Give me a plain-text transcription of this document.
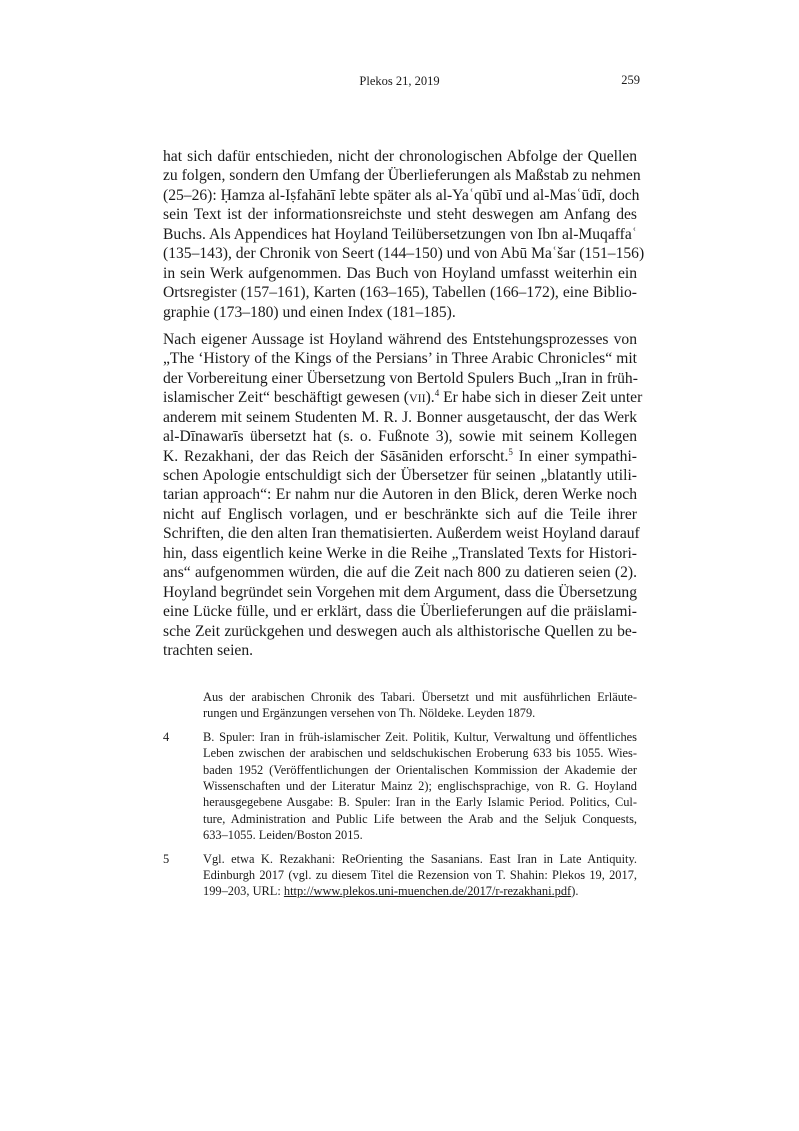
Plekos 21, 2019	259
hat sich dafür entschieden, nicht der chronologischen Abfolge der Quellen
zu folgen, sondern den Umfang der Überlieferungen als Maßstab zu nehmen
(25–26): Ḥamza al-Iṣfahānī lebte später als al-Yaʿqūbī und al-Masʿūdī, doch
sein Text ist der informationsreichste und steht deswegen am Anfang des
Buchs. Als Appendices hat Hoyland Teilübersetzungen von Ibn al-Muqaffaʿ
(135–143), der Chronik von Seert (144–150) und von Abū Maʿšar (151–156)
in sein Werk aufgenommen. Das Buch von Hoyland umfasst weiterhin ein
Ortsregister (157–161), Karten (163–165), Tabellen (166–172), eine Biblio-
graphie (173–180) und einen Index (181–185).
Nach eigener Aussage ist Hoyland während des Entstehungsprozesses von
„The ‘History of the Kings of the Persians’ in Three Arabic Chronicles“ mit
der Vorbereitung einer Übersetzung von Bertold Spulers Buch „Iran in früh-
islamischer Zeit“ beschäftigt gewesen (VII).$^4$ Er habe sich in dieser Zeit unter
anderem mit seinem Studenten M. R. J. Bonner ausgetauscht, der das Werk
al-Dīnawarīs übersetzt hat (s. o. Fußnote 3), sowie mit seinem Kollegen
K. Rezakhani, der das Reich der Sāsāniden erforscht.$^5$ In einer sympathi-
schen Apologie entschuldigt sich der Übersetzer für seinen „blatantly utili-
tarian approach“: Er nahm nur die Autoren in den Blick, deren Werke noch
nicht auf Englisch vorlagen, und er beschränkte sich auf die Teile ihrer
Schriften, die den alten Iran thematisierten. Außerdem weist Hoyland darauf
hin, dass eigentlich keine Werke in die Reihe „Translated Texts for Histori-
ans“ aufgenommen würden, die auf die Zeit nach 800 zu datieren seien (2).
Hoyland begründet sein Vorgehen mit dem Argument, dass die Übersetzung
eine Lücke fülle, und er erklärt, dass die Überlieferungen auf die präislami-
sche Zeit zurückgehen und deswegen auch als althistorische Quellen zu be-
trachten seien.
Aus der arabischen Chronik des Tabari. Übersetzt und mit ausführlichen Erläute-
rungen und Ergänzungen versehen von Th. Nöldeke. Leyden 1879.
4	B. Spuler: Iran in früh-islamischer Zeit. Politik, Kultur, Verwaltung und öffentliches
Leben zwischen der arabischen und seldschukischen Eroberung 633 bis 1055. Wies-
baden 1952 (Veröffentlichungen der Orientalischen Kommission der Akademie der
Wissenschaften und der Literatur Mainz 2); englischsprachige, von R. G. Hoyland
herausgegebene Ausgabe: B. Spuler: Iran in the Early Islamic Period. Politics, Cul-
ture, Administration and Public Life between the Arab and the Seljuk Conquests,
633–1055. Leiden/Boston 2015.
5	Vgl. etwa K. Rezakhani: ReOrienting the Sasanians. East Iran in Late Antiquity.
Edinburgh 2017 (vgl. zu diesem Titel die Rezension von T. Shahin: Plekos 19, 2017,
199–203, URL: http://www.plekos.uni-muenchen.de/2017/r-rezakhani.pdf).
